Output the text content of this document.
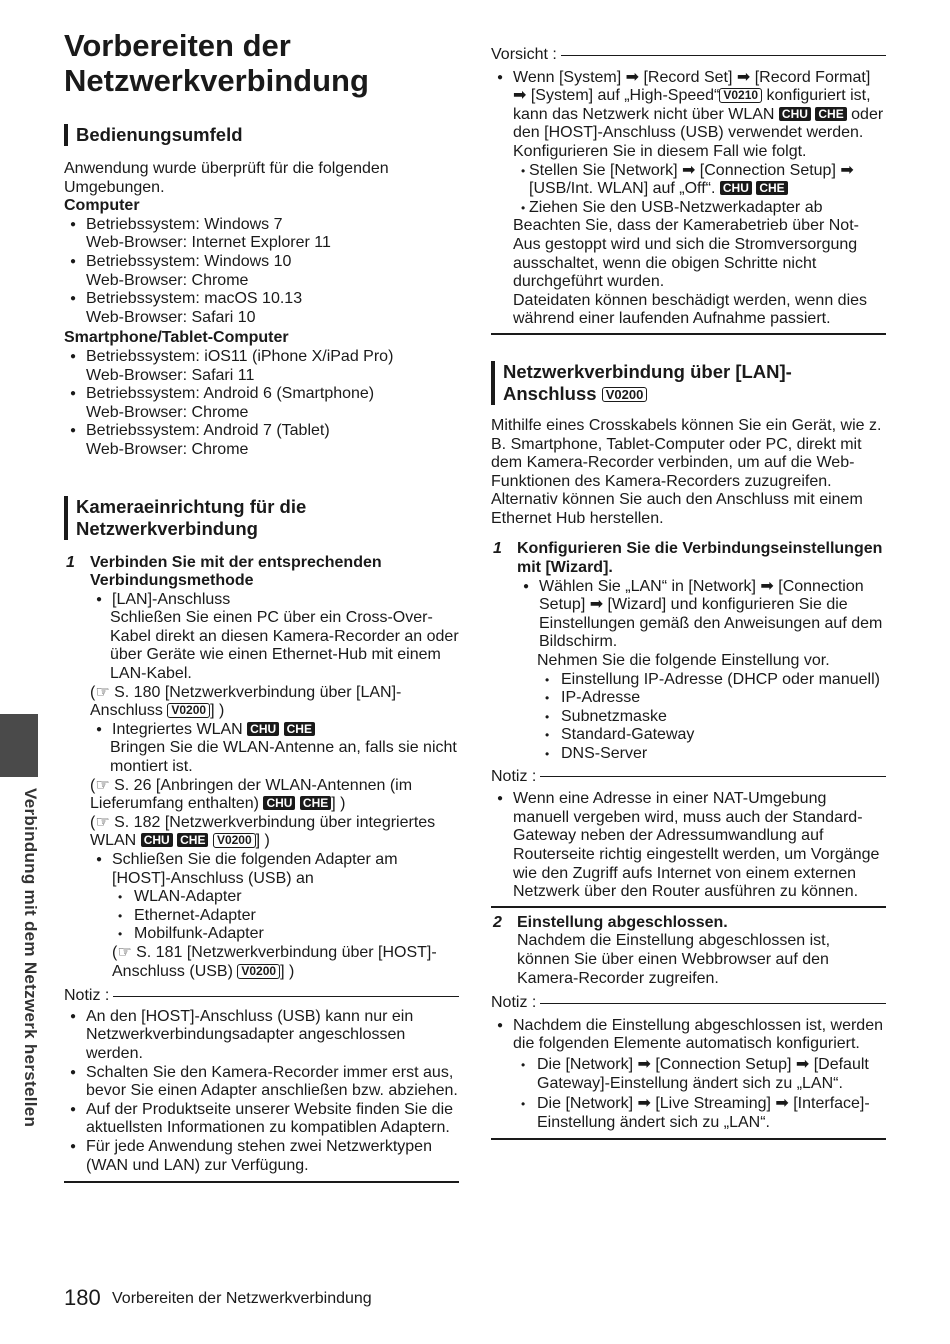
Vorbereiten der Netzwerkverbindung
Bedienungsumfeld
Anwendung wurde überprüft für die folgenden Umgebungen.
Computer
● Betriebssystem: Windows 7
Web-Browser: Internet Explorer 11
● Betriebssystem: Windows 10
Web-Browser: Chrome
● Betriebssystem: macOS 10.13
Web-Browser: Safari 10
Smartphone/Tablet-Computer
● Betriebssystem: iOS11 (iPhone X/iPad Pro)
Web-Browser: Safari 11
● Betriebssystem: Android 6 (Smartphone)
Web-Browser: Chrome
● Betriebssystem: Android 7 (Tablet)
Web-Browser: Chrome
Kameraeinrichtung für die Netzwerkverbindung
1 Verbinden Sie mit der entsprechenden Verbindungsmethode
● [LAN]-Anschluss
Schließen Sie einen PC über ein Cross-Over-Kabel direkt an diesen Kamera-Recorder an oder über Geräte wie einen Ethernet-Hub mit einem LAN-Kabel.
(☞ S. 180 [Netzwerkverbindung über [LAN]-Anschluss V0200 ] )
● Integriertes WLAN CHU CHE
Bringen Sie die WLAN-Antenne an, falls sie nicht montiert ist.
(☞ S. 26 [Anbringen der WLAN-Antennen (im Lieferumfang enthalten) CHU CHE ] )
(☞ S. 182 [Netzwerkverbindung über integriertes WLAN CHU CHE V0200 ] )
● Schließen Sie die folgenden Adapter am [HOST]-Anschluss (USB) an
• WLAN-Adapter
• Ethernet-Adapter
• Mobilfunk-Adapter
(☞ S. 181 [Netzwerkverbindung über [HOST]-Anschluss (USB) V0200 ] )
Notiz :
● An den [HOST]-Anschluss (USB) kann nur ein Netzwerkverbindungsadapter angeschlossen werden.
● Schalten Sie den Kamera-Recorder immer erst aus, bevor Sie einen Adapter anschließen bzw. abziehen.
● Auf der Produktseite unserer Website finden Sie die aktuellsten Informationen zu kompatiblen Adaptern.
● Für jede Anwendung stehen zwei Netzwerktypen (WAN und LAN) zur Verfügung.
Vorsicht :
● Wenn [System] ➡ [Record Set] ➡ [Record Format] ➡ [System] auf „High-Speed“ V0210 konfiguriert ist, kann das Netzwerk nicht über WLAN CHU CHE oder den [HOST]-Anschluss (USB) verwendet werden. Konfigurieren Sie in diesem Fall wie folgt.
• Stellen Sie [Network] ➡ [Connection Setup] ➡ [USB/Int. WLAN] auf „Off“. CHU CHE
• Ziehen Sie den USB-Netzwerkadapter ab
Beachten Sie, dass der Kamerabetrieb über Not-Aus gestoppt wird und sich die Stromversorgung ausschaltet, wenn die obigen Schritte nicht durchgeführt wurden.
Dateidaten können beschädigt werden, wenn dies während einer laufenden Aufnahme passiert.
Netzwerkverbindung über [LAN]-Anschluss V0200
Mithilfe eines Crosskabels können Sie ein Gerät, wie z. B. Smartphone, Tablet-Computer oder PC, direkt mit dem Kamera-Recorder verbinden, um auf die Web-Funktionen des Kamera-Recorders zuzugreifen. Alternativ können Sie auch den Anschluss mit einem Ethernet Hub herstellen.
1 Konfigurieren Sie die Verbindungseinstellungen mit [Wizard].
● Wählen Sie „LAN“ in [Network] ➡ [Connection Setup] ➡ [Wizard] und konfigurieren Sie die Einstellungen gemäß den Anweisungen auf dem Bildschirm.
Nehmen Sie die folgende Einstellung vor.
• Einstellung IP-Adresse (DHCP oder manuell)
• IP-Adresse
• Subnetzmaske
• Standard-Gateway
• DNS-Server
Notiz :
● Wenn eine Adresse in einer NAT-Umgebung manuell vergeben wird, muss auch der Standard-Gateway neben der Adressumwandlung auf Routerseite richtig eingestellt werden, um Vorgänge wie den Zugriff aufs Internet von einem externen Netzwerk über den Router ausführen zu können.
2 Einstellung abgeschlossen.
Nachdem die Einstellung abgeschlossen ist, können Sie über einen Webbrowser auf den Kamera-Recorder zugreifen.
Notiz :
● Nachdem die Einstellung abgeschlossen ist, werden die folgenden Elemente automatisch konfiguriert.
• Die [Network] ➡ [Connection Setup] ➡ [Default Gateway]-Einstellung ändert sich zu „LAN“.
• Die [Network] ➡ [Live Streaming] ➡ [Interface]-Einstellung ändert sich zu „LAN“.
Verbindung mit dem Netzwerk herstellen
180 Vorbereiten der Netzwerkverbindung
